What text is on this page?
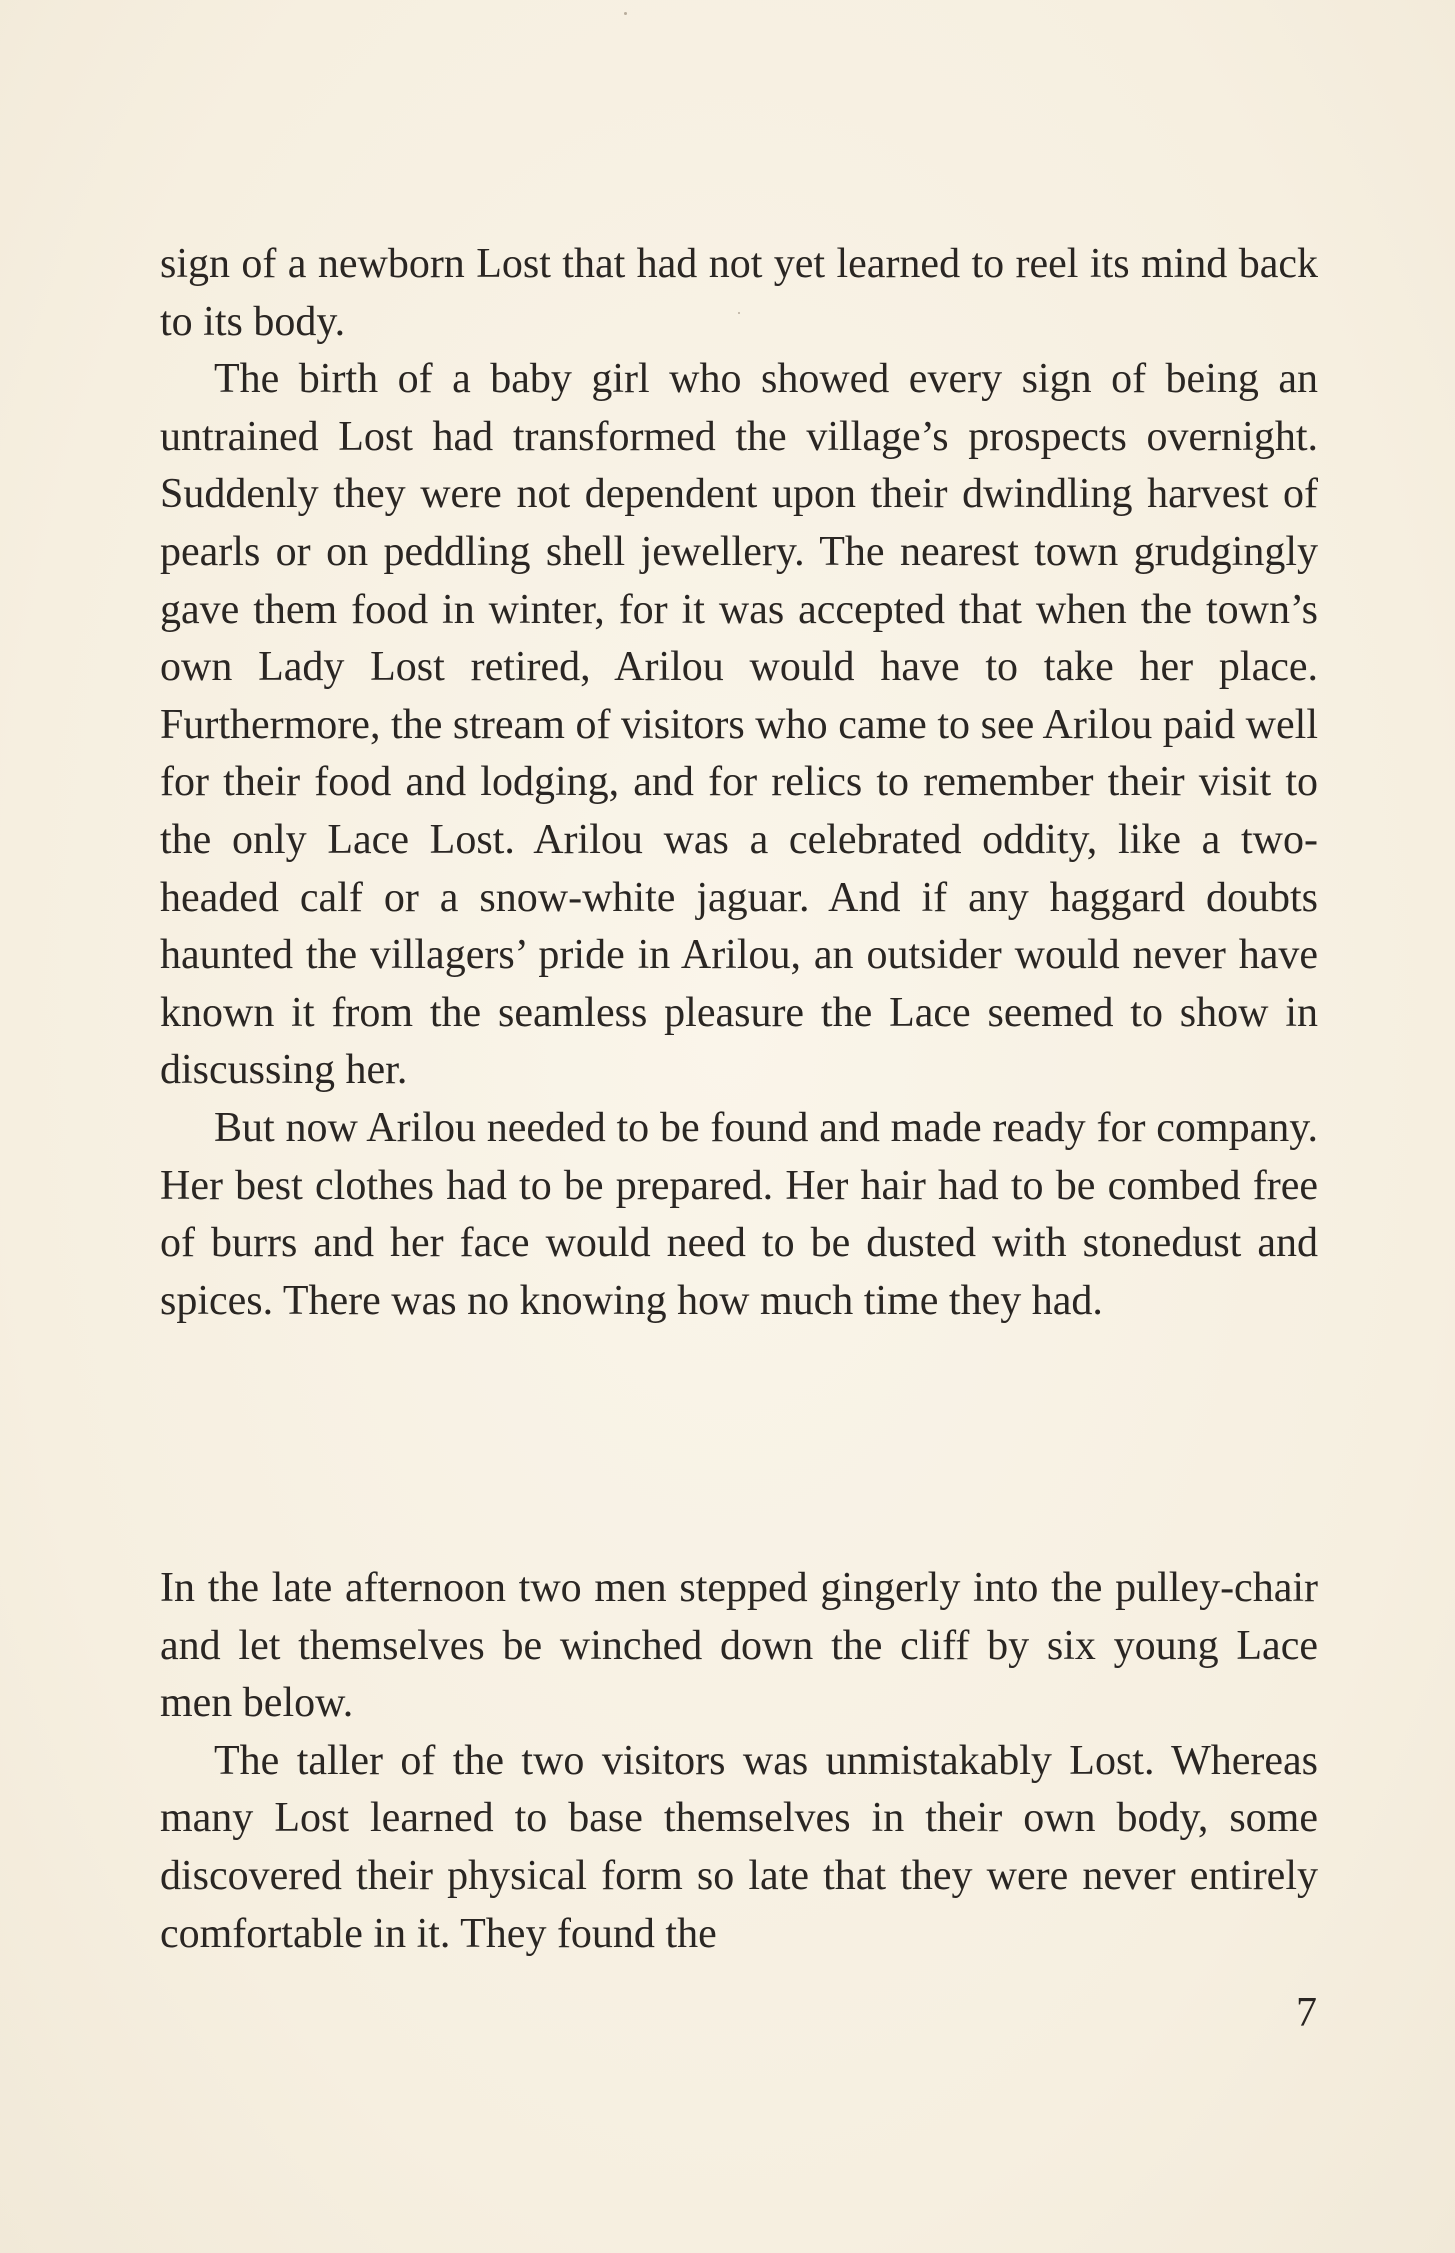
sign of a newborn Lost that had not yet learned to reel its mind back to its body.

The birth of a baby girl who showed every sign of being an untrained Lost had transformed the village’s prospects overnight. Suddenly they were not dependent upon their dwindling harvest of pearls or on peddling shell jewellery. The nearest town grudgingly gave them food in winter, for it was accepted that when the town’s own Lady Lost retired, Arilou would have to take her place. Furthermore, the stream of visitors who came to see Arilou paid well for their food and lodging, and for relics to remember their visit to the only Lace Lost. Arilou was a celebrated oddity, like a two-headed calf or a snow-white jaguar. And if any haggard doubts haunted the villagers’ pride in Arilou, an outsider would never have known it from the seamless pleasure the Lace seemed to show in discussing her.

But now Arilou needed to be found and made ready for company. Her best clothes had to be prepared. Her hair had to be combed free of burrs and her face would need to be dusted with stonedust and spices. There was no knowing how much time they had.

In the late afternoon two men stepped gingerly into the pulley-chair and let themselves be winched down the cliff by six young Lace men below.

The taller of the two visitors was unmistakably Lost. Whereas many Lost learned to base themselves in their own body, some discovered their physical form so late that they were never entirely comfortable in it. They found the

7
